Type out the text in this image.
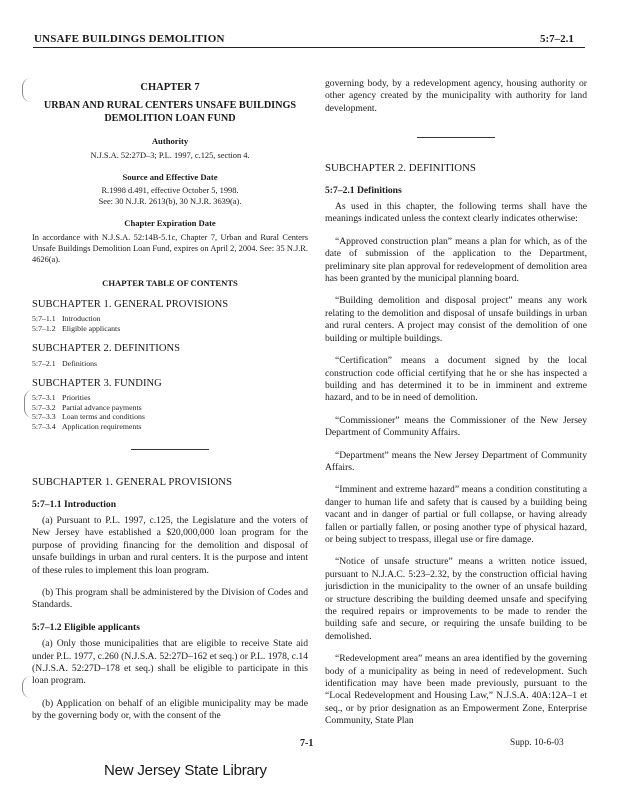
UNSAFE BUILDINGS DEMOLITION	5:7–2.1
CHAPTER 7
URBAN AND RURAL CENTERS UNSAFE BUILDINGS DEMOLITION LOAN FUND
Authority

N.J.S.A. 52:27D–3; P.L. 1997, c.125, section 4.

Source and Effective Date

R.1998 d.491, effective October 5, 1998.

See: 30 N.J.R. 2613(b), 30 N.J.R. 3639(a).

Chapter Expiration Date

In accordance with N.J.S.A. 52:14B-5.1c, Chapter 7, Urban and Rural Centers Unsafe Buildings Demolition Loan Fund, expires on April 2, 2004. See: 35 N.J.R. 4626(a).

CHAPTER TABLE OF CONTENTS
SUBCHAPTER 1. GENERAL PROVISIONS
5:7–1.1 Introduction
5:7–1.2 Eligible applicants
SUBCHAPTER 2. DEFINITIONS
5:7–2.1 Definitions
SUBCHAPTER 3. FUNDING
5:7–3.1 Priorities
5:7–3.2 Partial advance payments
5:7–3.3 Loan terms and conditions
5:7–3.4 Application requirements
SUBCHAPTER 1. GENERAL PROVISIONS
5:7–1.1 Introduction

(a) Pursuant to P.L. 1997, c.125, the Legislature and the voters of New Jersey have established a $20,000,000 loan program for the purpose of providing financing for the demolition and disposal of unsafe buildings in urban and rural centers. It is the purpose and intent of these rules to implement this loan program.

(b) This program shall be administered by the Division of Codes and Standards.

5:7–1.2 Eligible applicants

(a) Only those municipalities that are eligible to receive State aid under P.L. 1977, c.260 (N.J.S.A. 52:27D–162 et seq.) or P.L. 1978, c.14 (N.J.S.A. 52:27D–178 et seq.) shall be eligible to participate in this loan program.

(b) Application on behalf of an eligible municipality may be made by the governing body or, with the consent of the

governing body, by a redevelopment agency, housing authority or other agency created by the municipality with authority for land development.

SUBCHAPTER 2. DEFINITIONS
5:7–2.1 Definitions

As used in this chapter, the following terms shall have the meanings indicated unless the context clearly indicates otherwise:

“Approved construction plan” means a plan for which, as of the date of submission of the application to the Department, preliminary site plan approval for redevelopment of demolition area has been granted by the municipal planning board.

“Building demolition and disposal project” means any work relating to the demolition and disposal of unsafe buildings in urban and rural centers. A project may consist of the demolition of one building or multiple buildings.

“Certification” means a document signed by the local construction code official certifying that he or she has inspected a building and has determined it to be in imminent and extreme hazard, and to be in need of demolition.

“Commissioner” means the Commissioner of the New Jersey Department of Community Affairs.

“Department” means the New Jersey Department of Community Affairs.

“Imminent and extreme hazard” means a condition constituting a danger to human life and safety that is caused by a building being vacant and in danger of partial or full collapse, or having already fallen or partially fallen, or posing another type of physical hazard, or being subject to trespass, illegal use or fire damage.

“Notice of unsafe structure” means a written notice issued, pursuant to N.J.A.C. 5:23–2.32, by the construction official having jurisdiction in the municipality to the owner of an unsafe building or structure describing the building deemed unsafe and specifying the required repairs or improvements to be made to render the building safe and secure, or requiring the unsafe building to be demolished.

“Redevelopment area” means an area identified by the governing body of a municipality as being in need of redevelopment. Such identification may have been made previously, pursuant to the “Local Redevelopment and Housing Law,” N.J.S.A. 40A:12A–1 et seq., or by prior designation as an Empowerment Zone, Enterprise Community, State Plan

7-1	Supp. 10-6-03
New Jersey State Library
